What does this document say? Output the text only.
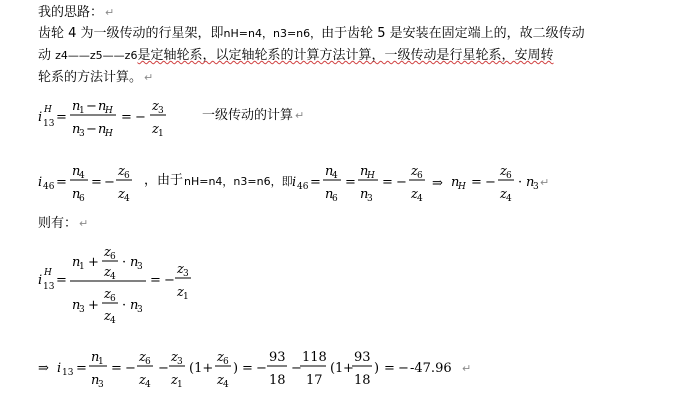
我的思路： ↵
齿轮 4 为一级传动的行星架，即nH=n4，n3=n6，由于齿轮 5 是安装在固定端上的，故二级传动
动 z4——z5——z6是定轴轮系，以定轴轮系的计算方法计算，一级传动是行星轮系，安周转
轮系的方法计算。 ↵
一级传动的计算 ↵
，由于 nH=n4，n3=n6，即
则有： ↵
i 13
H =
n
1 − n
H
n
3 − n
H
= −
z 3
z 1
i 46 =
n
4
n
6
= −
z 6
z 4
i 46 =
n
4
n
6
=
n
H
n
3
= −
z 6
z 4
⇒ n
H = −
z 6
z 4
· n
3 ↵
i 13
H =
n
1 +
z 6
z 4
· n
3
n
3 +
z 6
z 4
· n
3
= −
z 3
z 1
⇒ i 13 =
n
1
n
3
= −
z 6
z 4
−
z 3
z 1
(1+
z 6
z 4
) = −
93
18
−
118
17
( 1 +
93
18
) = − -47.96 ↵
